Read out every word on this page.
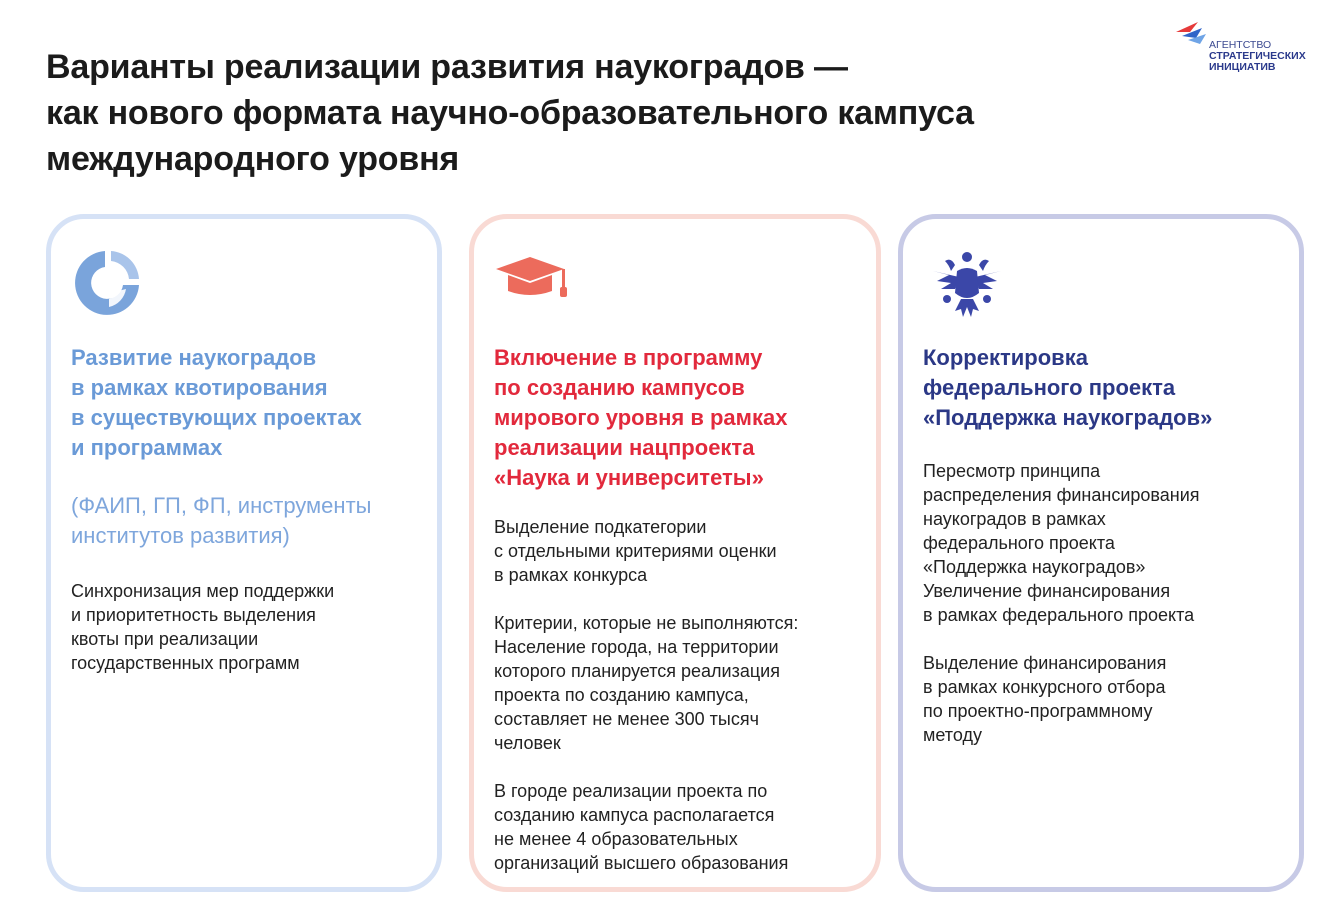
Варианты реализации развития наукоградов —
как нового формата научно-образовательного кампуса
международного уровня
АГЕНТСТВО
СТРАТЕГИЧЕСКИХ
ИНИЦИАТИВ
Развитие наукоградов
в рамках квотирования
в существующих проектах
и программах
(ФАИП, ГП, ФП, инструменты
институтов развития)
Синхронизация мер поддержки
и приоритетность выделения
квоты при реализации
государственных программ
Включение в программу
по созданию кампусов
мирового уровня в рамках
реализации нацпроекта
«Наука и университеты»
Выделение подкатегории
с отдельными критериями оценки
в рамках конкурса
Критерии, которые не выполняются:
Население города, на территории
которого планируется реализация
проекта по созданию кампуса,
составляет не менее 300 тысяч
человек
В городе реализации проекта по
созданию кампуса располагается
не менее 4 образовательных
организаций высшего образования
Корректировка
федерального проекта
«Поддержка наукоградов»
Пересмотр принципа
распределения финансирования
наукоградов в рамках
федерального проекта
«Поддержка наукоградов»
Увеличение финансирования
в рамках федерального проекта
Выделение финансирования
в рамках конкурсного отбора
по проектно-программному
методу
